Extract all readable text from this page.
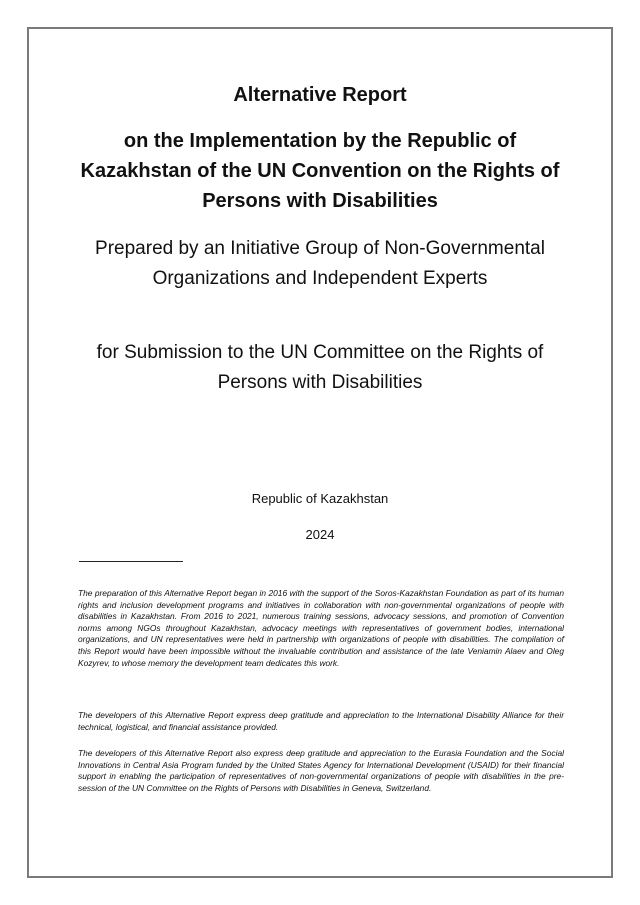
Alternative Report
on the Implementation by the Republic of Kazakhstan of the UN Convention on the Rights of Persons with Disabilities

Prepared by an Initiative Group of Non-Governmental Organizations and Independent Experts

for Submission to the UN Committee on the Rights of Persons with Disabilities

Republic of Kazakhstan

2024

The preparation of this Alternative Report began in 2016 with the support of the Soros-Kazakhstan Foundation as part of its human rights and inclusion development programs and initiatives in collaboration with non-governmental organizations of people with disabilities in Kazakhstan. From 2016 to 2021, numerous training sessions, advocacy sessions, and promotion of Convention norms among NGOs throughout Kazakhstan, advocacy meetings with representatives of government bodies, international organizations, and UN representatives were held in partnership with organizations of people with disabilities. The compilation of this Report would have been impossible without the invaluable contribution and assistance of the late Veniamin Alaev and Oleg Kozyrev, to whose memory the development team dedicates this work.

The developers of this Alternative Report express deep gratitude and appreciation to the International Disability Alliance for their technical, logistical, and financial assistance provided.

The developers of this Alternative Report also express deep gratitude and appreciation to the Eurasia Foundation and the Social Innovations in Central Asia Program funded by the United States Agency for International Development (USAID) for their financial support in enabling the participation of representatives of non-governmental organizations of people with disabilities in the pre-session of the UN Committee on the Rights of Persons with Disabilities in Geneva, Switzerland.
